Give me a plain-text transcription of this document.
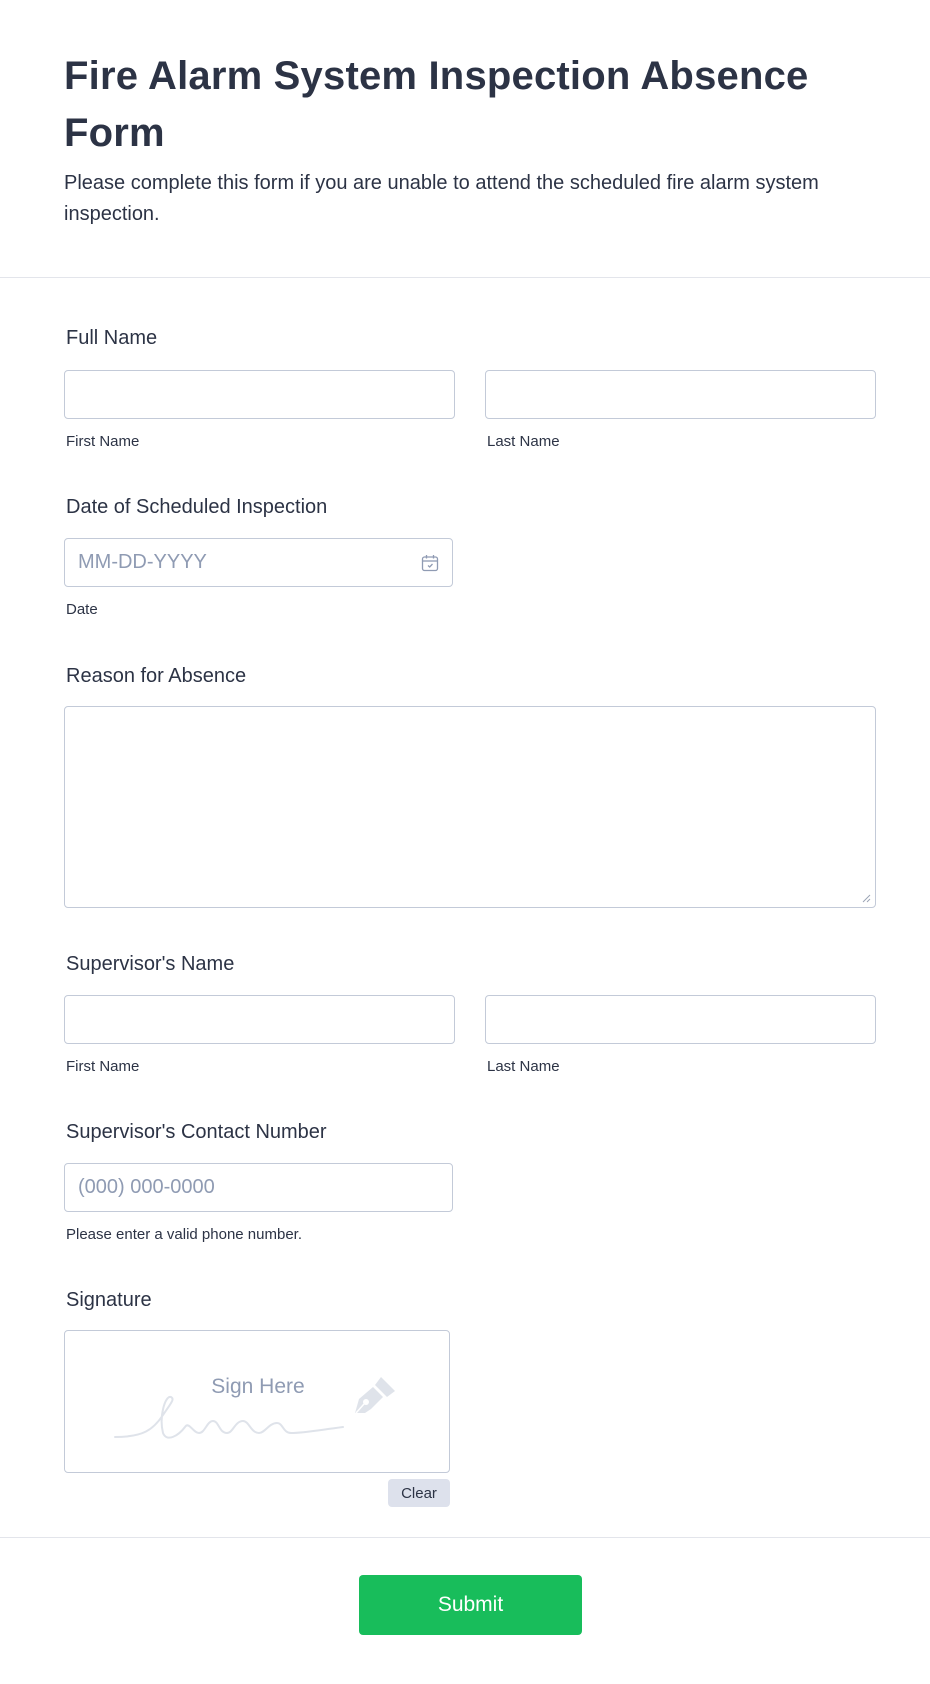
Fire Alarm System Inspection Absence Form

Please complete this form if you are unable to attend the scheduled fire alarm system inspection.

Full Name
First Name	Last Name
Date of Scheduled Inspection
MM-DD-YYYY
Date
Reason for Absence
Supervisor's Name
First Name	Last Name
Supervisor's Contact Number
(000) 000-0000
Please enter a valid phone number.
Signature
Sign Here
Clear
Submit
